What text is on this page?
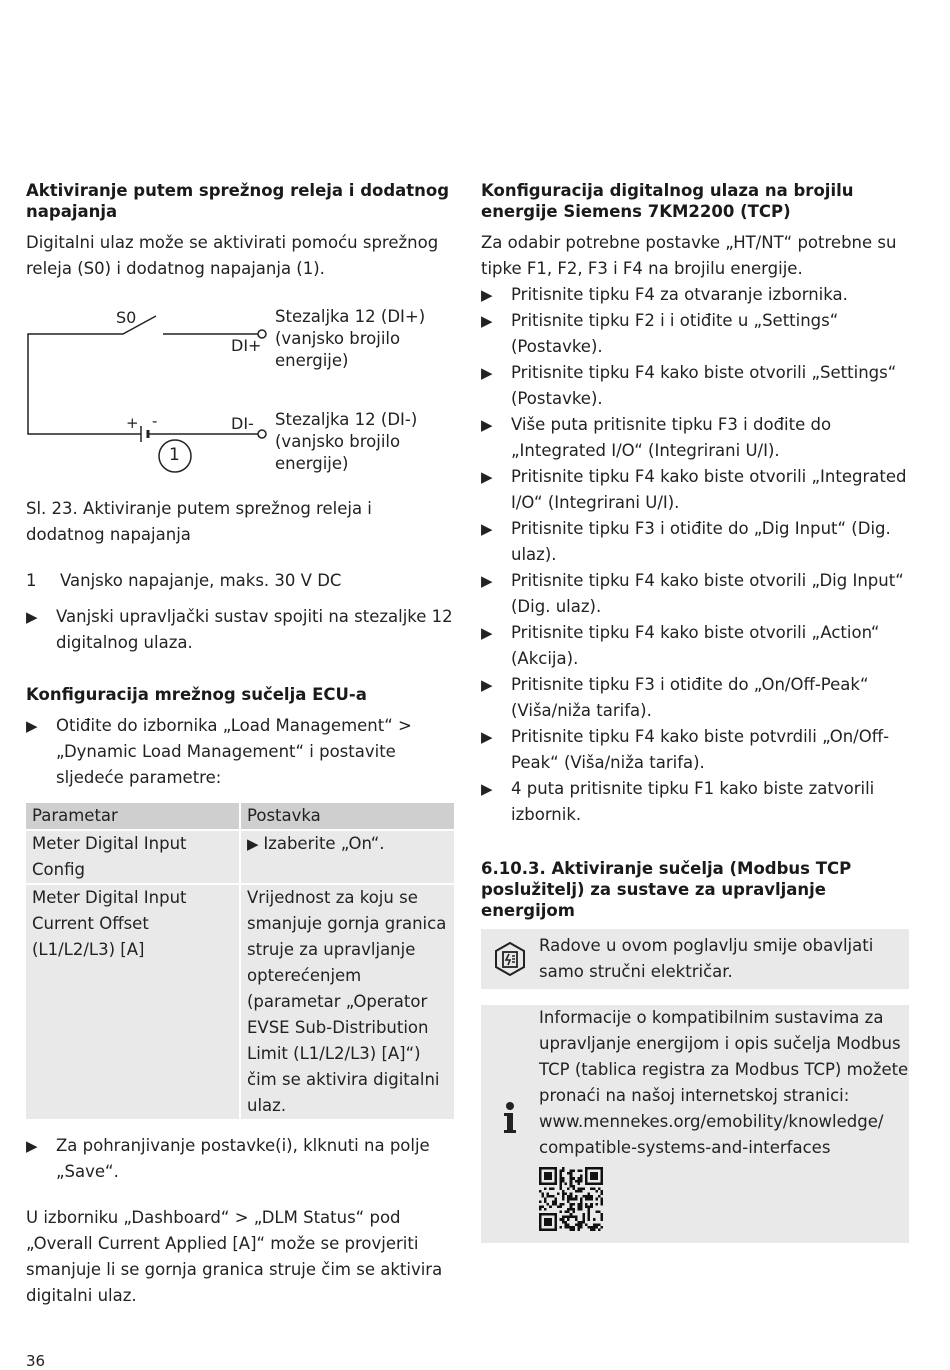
Aktiviranje putem sprežnog releja i dodatnog napajanja

Digitalni ulaz može se aktivirati pomoću sprežnog releja (S0) i dodatnog napajanja (1).

S0
DI+
+ -	DI-
1
Stezaljka 12 (DI+)
(vanjsko brojilo
energije)
Stezaljka 12 (DI-)
(vanjsko brojilo
energije)

Sl. 23. Aktiviranje putem sprežnog releja i dodatnog napajanja

1	Vanjsko napajanje, maks. 30 V DC
▶	Vanjski upravljački sustav spojiti na stezaljke 12 digitalnog ulaza.
Konfiguracija mrežnog sučelja ECU-a
▶	Otiđite do izbornika „Load Management“ > „Dynamic Load Management“ i postavite sljedeće parametre:
Parametar	Postavka
Meter Digital Input Config	▶ Izaberite „On“.
Meter Digital Input Current Offset (L1/L2/L3) [A]	Vrijednost za koju se smanjuje gornja granica struje za upravljanje opterećenjem (parametar „Operator EVSE Sub-Distribution Limit (L1/L2/L3) [A]“) čim se aktivira digitalni ulaz.
▶	Za pohranjivanje postavke(i), klknuti na polje „Save“.

U izborniku „Dashboard“ > „DLM Status“ pod „Overall Current Applied [A]“ može se provjeriti smanjuje li se gornja granica struje čim se aktivira digitalni ulaz.

Konfiguracija digitalnog ulaza na brojilu energije Siemens 7KM2200 (TCP)

Za odabir potrebne postavke „HT/NT“ potrebne su tipke F1, F2, F3 i F4 na brojilu energije.

▶	Pritisnite tipku F4 za otvaranje izbornika.
▶	Pritisnite tipku F2 i i otiđite u „Settings“ (Postavke).
▶	Pritisnite tipku F4 kako biste otvorili „Settings“ (Postavke).
▶	Više puta pritisnite tipku F3 i dođite do „Integrated I/O“ (Integrirani U/I).
▶	Pritisnite tipku F4 kako biste otvorili „Integrated I/O“ (Integrirani U/I).
▶	Pritisnite tipku F3 i otiđite do „Dig Input“ (Dig. ulaz).
▶	Pritisnite tipku F4 kako biste otvorili „Dig Input“ (Dig. ulaz).
▶	Pritisnite tipku F4 kako biste otvorili „Action“ (Akcija).
▶	Pritisnite tipku F3 i otiđite do „On/Off-Peak“ (Viša/niža tarifa).
▶	Pritisnite tipku F4 kako biste potvrdili „On/Off-Peak“ (Viša/niža tarifa).
▶	4 puta pritisnite tipku F1 kako biste zatvorili izbornik.
6.10.3. Aktiviranje sučelja (Modbus TCP poslužitelj) za sustave za upravljanje energijom
Radove u ovom poglavlju smije obavljati samo stručni električar.
Informacije o kompatibilnim sustavima za upravljanje energijom i opis sučelja Modbus TCP (tablica registra za Modbus TCP) možete pronaći na našoj internetskoj stranici:
www.mennekes.org/emobility/knowledge/
compatible-systems-and-interfaces
36
